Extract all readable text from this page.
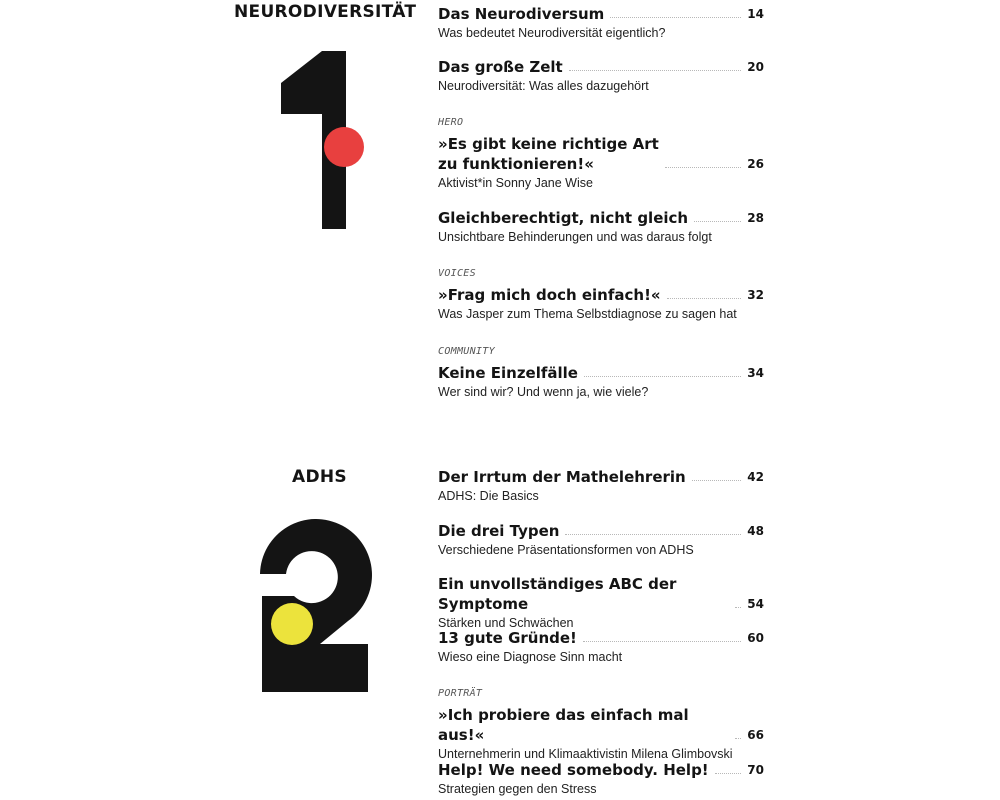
NEURODIVERSITÄT Das Neurodiversum	14
Was bedeutet Neurodiversität eigentlich?
Das große Zelt	20
Neurodiversität: Was alles dazugehört
HERO
»Es gibt keine richtige Art
zu funktionieren!«	26
Aktivist*in Sonny Jane Wise
Gleichberechtigt, nicht gleich	28
Unsichtbare Behinderungen und was daraus folgt
VOICES
»Frag mich doch einfach!«	32
Was Jasper zum Thema Selbstdiagnose zu sagen hat
COMMUNITY
Keine Einzelfälle	34
Wer sind wir? Und wenn ja, wie viele?
ADHS	Der Irrtum der Mathelehrerin	42
ADHS: Die Basics
Die drei Typen	48
Verschiedene Präsentationsformen von ADHS
Ein unvollständiges ABC der Symptome	54
Stärken und Schwächen
13 gute Gründe!	60
Wieso eine Diagnose Sinn macht
PORTRÄT
»Ich probiere das einfach mal aus!«	66
Unternehmerin und Klimaaktivistin Milena Glimbovski
Help! We need somebody. Help!	70
Strategien gegen den Stress
